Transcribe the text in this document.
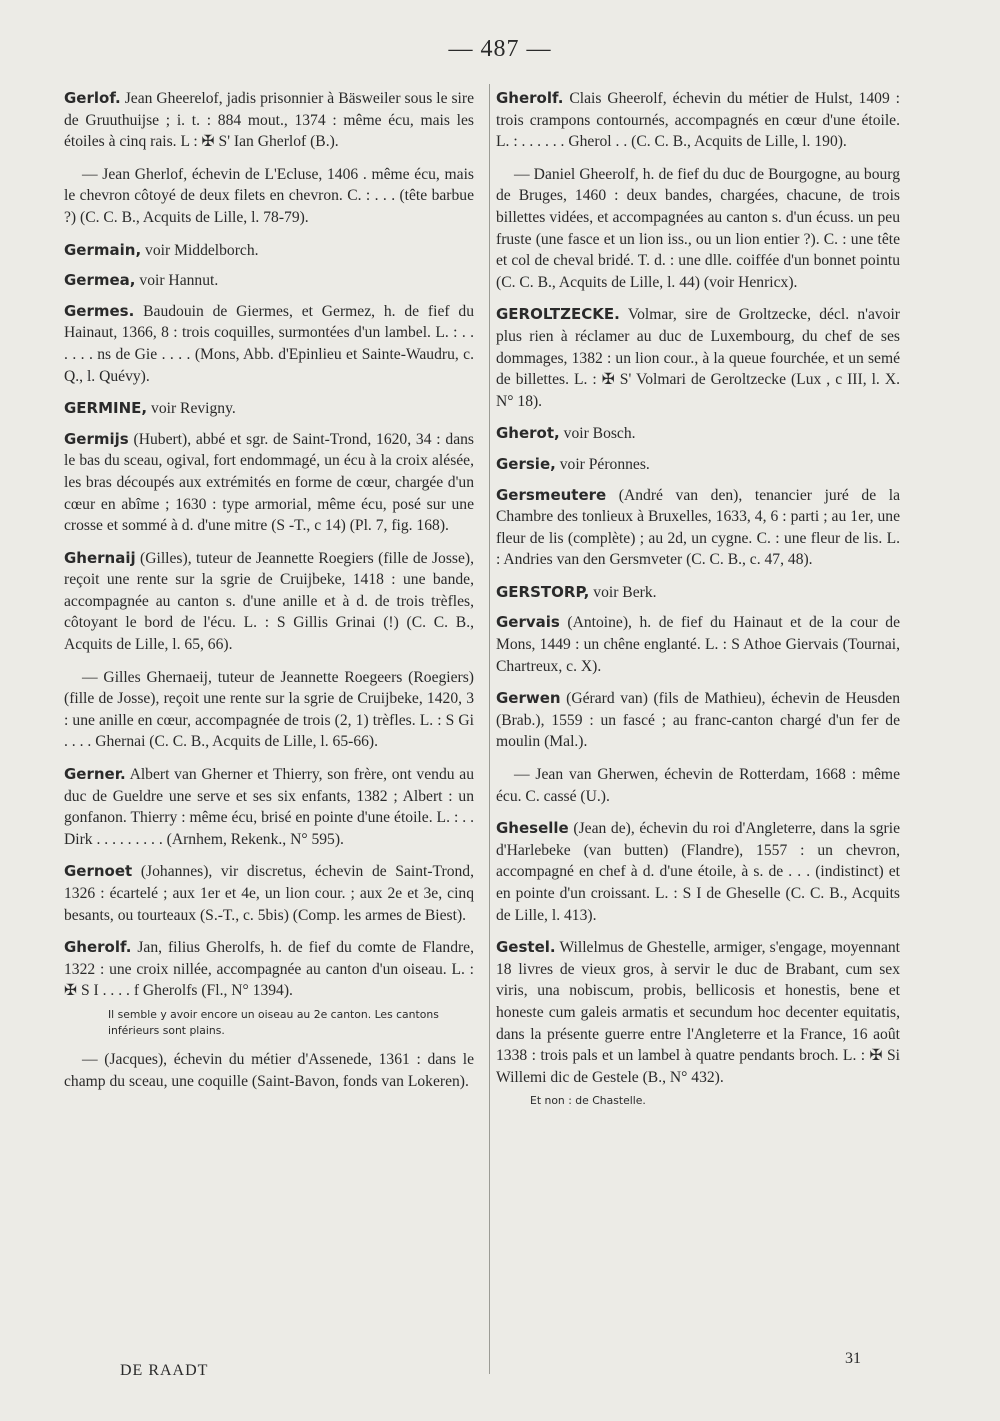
— 487 —

Gerlof. Jean Gheerelof, jadis prisonnier à Bäsweiler sous le sire de Gruuthuijse ; i. t. : 884 mout., 1374 : même écu, mais les étoiles à cinq rais. L : ✠ S' Ian Gherlof (B.).

— Jean Gherlof, échevin de L'Ecluse, 1406 . même écu, mais le chevron côtoyé de deux filets en chevron. C. : . . . (tête barbue ?) (C. C. B., Acquits de Lille, l. 78-79).

Germain, voir Middelborch.

Germea, voir Hannut.

Germes. Baudouin de Giermes, et Germez, h. de fief du Hainaut, 1366, 8 : trois coquilles, surmontées d'un lambel. L. : . . . . . . ns de Gie . . . . (Mons, Abb. d'Epinlieu et Sainte-Waudru, c. Q., l. Quévy).

GERMINE, voir Revigny.

Germijs (Hubert), abbé et sgr. de Saint-Trond, 1620, 34 : dans le bas du sceau, ogival, fort endommagé, un écu à la croix alésée, les bras découpés aux extrémités en forme de cœur, chargée d'un cœur en abîme ; 1630 : type armorial, même écu, posé sur une crosse et sommé à d. d'une mitre (S -T., c 14) (Pl. 7, fig. 168).

Ghernaij (Gilles), tuteur de Jeannette Roegiers (fille de Josse), reçoit une rente sur la sgrie de Cruijbeke, 1418 : une bande, accompagnée au canton s. d'une anille et à d. de trois trèfles, côtoyant le bord de l'écu. L. : S Gillis Grinai (!) (C. C. B., Acquits de Lille, l. 65, 66).

— Gilles Ghernaeij, tuteur de Jeannette Roegeers (Roegiers) (fille de Josse), reçoit une rente sur la sgrie de Cruijbeke, 1420, 3 : une anille en cœur, accompagnée de trois (2, 1) trèfles. L. : S Gi . . . . Ghernai (C. C. B., Acquits de Lille, l. 65-66).

Gerner. Albert van Gherner et Thierry, son frère, ont vendu au duc de Gueldre une serve et ses six enfants, 1382 ; Albert : un gonfanon. Thierry : même écu, brisé en pointe d'une étoile. L. : . . Dirk . . . . . . . . . (Arnhem, Rekenk., N° 595).

Gernoet (Johannes), vir discretus, échevin de Saint-Trond, 1326 : écartelé ; aux 1er et 4e, un lion cour. ; aux 2e et 3e, cinq besants, ou tourteaux (S.-T., c. 5bis) (Comp. les armes de Biest).

Gherolf. Jan, filius Gherolfs, h. de fief du comte de Flandre, 1322 : une croix nillée, accompagnée au canton d'un oiseau. L. : ✠ S I . . . . f Gherolfs (Fl., N° 1394).

Il semble y avoir encore un oiseau au 2e canton. Les cantons inférieurs sont plains.

— (Jacques), échevin du métier d'Assenede, 1361 : dans le champ du sceau, une coquille (Saint-Bavon, fonds van Lokeren).

Gherolf. Clais Gheerolf, échevin du métier de Hulst, 1409 : trois crampons contournés, accompagnés en cœur d'une étoile. L. : . . . . . . Gherol . . (C. C. B., Acquits de Lille, l. 190).

— Daniel Gheerolf, h. de fief du duc de Bourgogne, au bourg de Bruges, 1460 : deux bandes, chargées, chacune, de trois billettes vidées, et accompagnées au canton s. d'un écuss. un peu fruste (une fasce et un lion iss., ou un lion entier ?). C. : une tête et col de cheval bridé. T. d. : une dlle. coiffée d'un bonnet pointu (C. C. B., Acquits de Lille, l. 44) (voir Henricx).

GEROLTZECKE. Volmar, sire de Groltzecke, décl. n'avoir plus rien à réclamer au duc de Luxembourg, du chef de ses dommages, 1382 : un lion cour., à la queue fourchée, et un semé de billettes. L. : ✠ S' Volmari de Geroltzecke (Lux , c III, l. X. N° 18).

Gherot, voir Bosch.

Gersie, voir Péronnes.

Gersmeutere (André van den), tenancier juré de la Chambre des tonlieux à Bruxelles, 1633, 4, 6 : parti ; au 1er, une fleur de lis (complète) ; au 2d, un cygne. C. : une fleur de lis. L. : Andries van den Gersmveter (C. C. B., c. 47, 48).

GERSTORP, voir Berk.

Gervais (Antoine), h. de fief du Hainaut et de la cour de Mons, 1449 : un chêne englanté. L. : S Athoe Giervais (Tournai, Chartreux, c. X).

Gerwen (Gérard van) (fils de Mathieu), échevin de Heusden (Brab.), 1559 : un fascé ; au franc-canton chargé d'un fer de moulin (Mal.).

— Jean van Gherwen, échevin de Rotterdam, 1668 : même écu. C. cassé (U.).

Gheselle (Jean de), échevin du roi d'Angleterre, dans la sgrie d'Harlebeke (van butten) (Flandre), 1557 : un chevron, accompagné en chef à d. d'une étoile, à s. de . . . (indistinct) et en pointe d'un croissant. L. : S I de Gheselle (C. C. B., Acquits de Lille, l. 413).

Gestel. Willelmus de Ghestelle, armiger, s'engage, moyennant 18 livres de vieux gros, à servir le duc de Brabant, cum sex viris, una nobiscum, probis, bellicosis et honestis, bene et honeste cum galeis armatis et secundum hoc decenter equitatis, dans la présente guerre entre l'Angleterre et la France, 16 août 1338 : trois pals et un lambel à quatre pendants broch. L. : ✠ Si Willemi dic de Gestele (B., N° 432).

Et non : de Chastelle.

DE RAADT
31
